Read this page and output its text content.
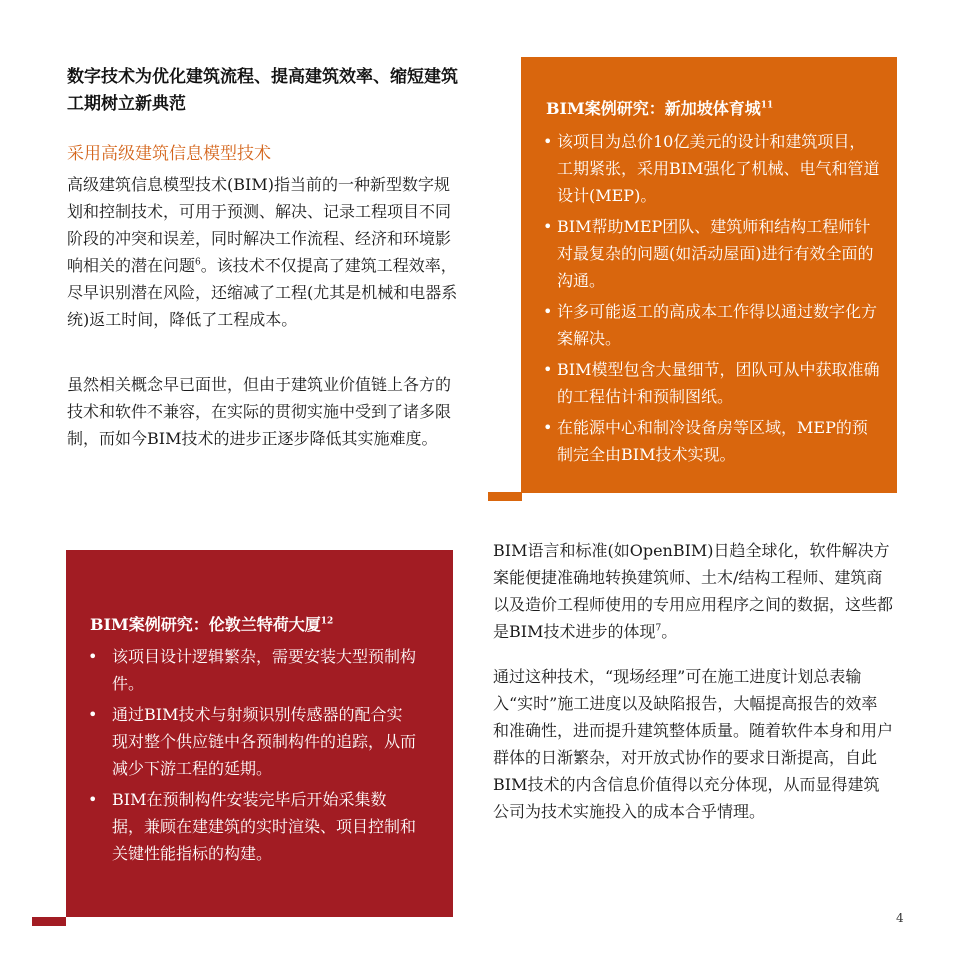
数字技术为优化建筑流程、提高建筑效率、缩短建筑工期树立新典范
采用高级建筑信息模型技术

高级建筑信息模型技术(BIM)指当前的一种新型数字规划和控制技术，可用于预测、解决、记录工程项目不同阶段的冲突和误差，同时解决工作流程、经济和环境影响相关的潜在问题$^6$。该技术不仅提高了建筑工程效率，尽早识别潜在风险，还缩减了工程(尤其是机械和电器系统)返工时间，降低了工程成本。

虽然相关概念早已面世，但由于建筑业价值链上各方的技术和软件不兼容，在实际的贯彻实施中受到了诸多限制，而如今BIM技术的进步正逐步降低其实施难度。

BIM案例研究：新加坡体育城$^{11}$
• 该项目为总价10亿美元的设计和建筑项目，工期紧张，采用BIM强化了机械、电气和管道设计(MEP)。
• BIM帮助MEP团队、建筑师和结构工程师针对最复杂的问题(如活动屋面)进行有效全面的沟通。
• 许多可能返工的高成本工作得以通过数字化方案解决。
• BIM模型包含大量细节，团队可从中获取准确的工程估计和预制图纸。
• 在能源中心和制冷设备房等区域，MEP的预制完全由BIM技术实现。
BIM案例研究：伦敦兰特荷大厦$^{12}$
• 该项目设计逻辑繁杂，需要安装大型预制构件。
• 通过BIM技术与射频识别传感器的配合实现对整个供应链中各预制构件的追踪，从而减少下游工程的延期。
• BIM在预制构件安装完毕后开始采集数据，兼顾在建建筑的实时渲染、项目控制和关键性能指标的构建。

BIM语言和标准(如OpenBIM)日趋全球化，软件解决方案能便捷准确地转换建筑师、土木/结构工程师、建筑商以及造价工程师使用的专用应用程序之间的数据，这些都是BIM技术进步的体现$^7$。

通过这种技术，“现场经理”可在施工进度计划总表输入“实时”施工进度以及缺陷报告，大幅提高报告的效率和准确性，进而提升建筑整体质量。随着软件本身和用户群体的日渐繁杂，对开放式协作的要求日渐提高，自此BIM技术的内含信息价值得以充分体现，从而显得建筑公司为技术实施投入的成本合乎情理。

4
